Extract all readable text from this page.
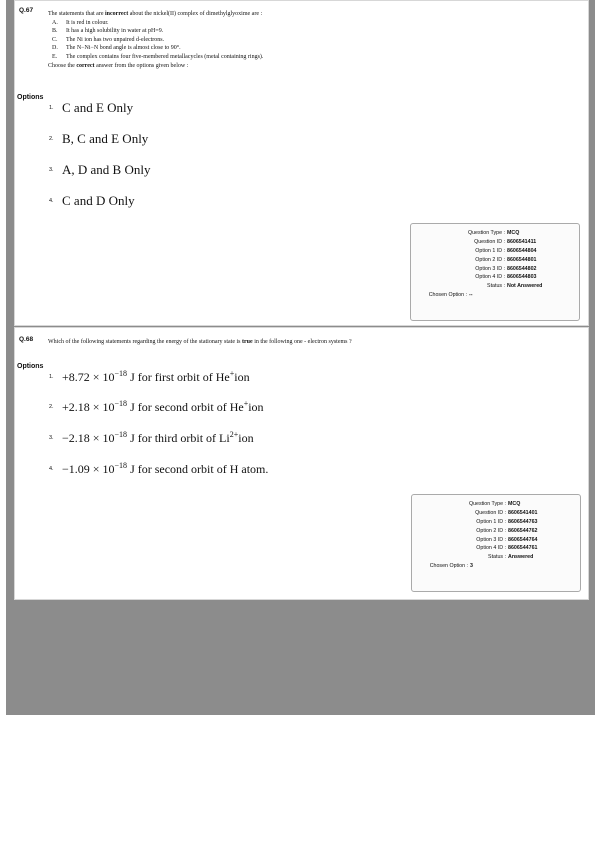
Q.67 The statements that are incorrect about the nickel(II) complex of dimethylglyoxime are :
A. It is red in colour.
B. It has a high solubility in water at pH=9.
C. The Ni ion has two unpaired d-electrons.
D. The N−Ni−N bond angle is almost close to 90°.
E. The complex contains four five-membered metallacycles (metal containing rings).
Choose the correct answer from the options given below :
Options
1. C and E Only
2. B, C and E Only
3. A, D and B Only
4. C and D Only
Question Type : MCQ
Question ID : 8606541411
Option 1 ID : 8606544804
Option 2 ID : 8606544801
Option 3 ID : 8606544802
Option 4 ID : 8606544803
Status : Not Answered
Chosen Option : --
Q.68 Which of the following statements regarding the energy of the stationary state is true in the following one - electron systems ?
Options
1. $+8.72 \times 10^{-18}$ J for first orbit of He+ion
2. $+2.18 \times 10^{-18}$ J for second orbit of He+ion
3. $-2.18 \times 10^{-18}$ J for third orbit of $Li^{2+}ion$
4. $-1.09 \times 10^{-18}$ J for second orbit of H atom.
Question Type : MCQ
Question ID : 8606541401
Option 1 ID : 8606544763
Option 2 ID : 8606544762
Option 3 ID : 8606544764
Option 4 ID : 8606544761
Status : Answered
Chosen Option : 3
